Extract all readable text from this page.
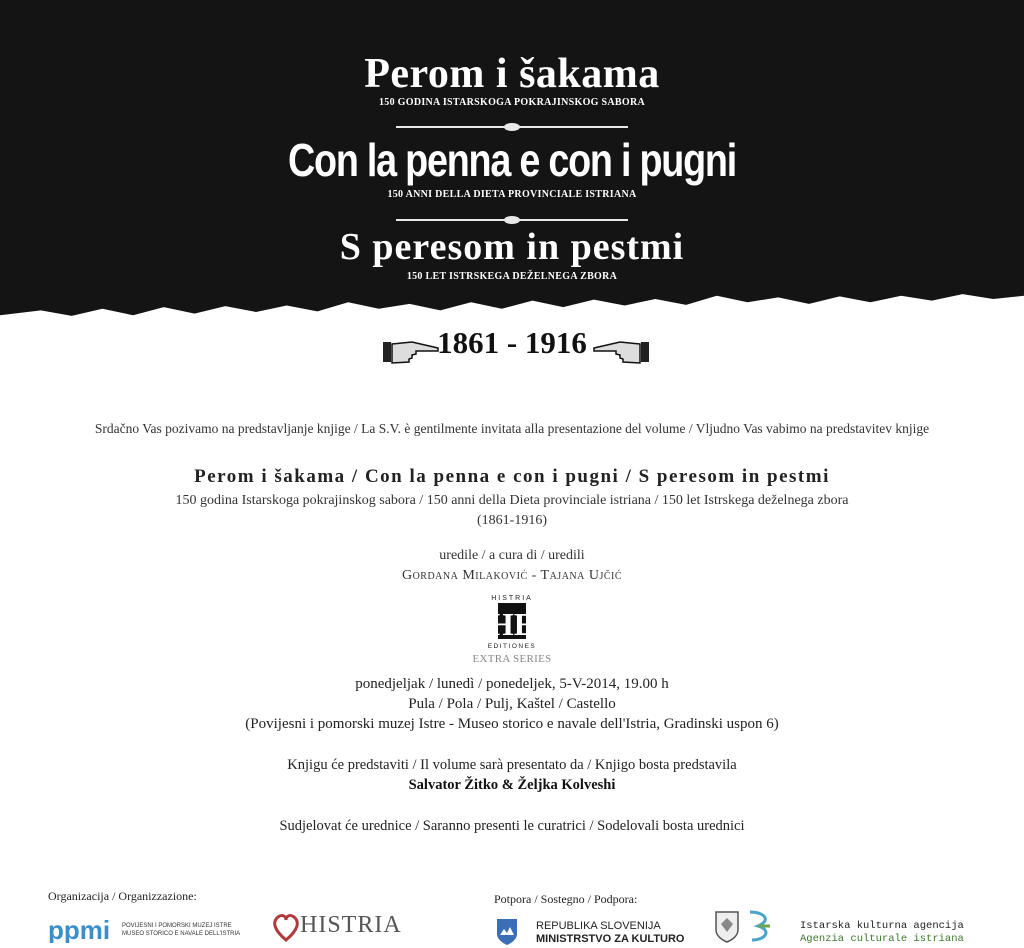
Perom i šakama
150 GODINA ISTARSKOGA POKRAJINSKOG SABORA
Con la penna e con i pugni
150 ANNI DELLA DIETA PROVINCIALE ISTRIANA
S peresom in pestmi
150 LET ISTRSKEGA DEŽELNEGA ZBORA
1861 - 1916
Srdačno Vas pozivamo na predstavljanje knjige / La S.V. è gentilmente invitata alla presentazione del volume / Vljudno Vas vabimo na predstavitev knjige
Perom i šakama / Con la penna e con i pugni / S peresom in pestmi
150 godina Istarskoga pokrajinskog sabora / 150 anni della Dieta provinciale istriana / 150 let Istrskega deželnega zbora
(1861-1916)
uredile / a cura di / uredili
Gordana Milaković - Tajana Ujčić
HISTRIA
HE
EDITIONES
EXTRA SERIES
ponedjeljak / lunedì / ponedeljek, 5-V-2014, 19.00 h
Pula / Pola / Pulj, Kaštel / Castello
(Povijesni i pomorski muzej Istre - Museo storico e navale dell'Istria, Gradinski uspon 6)
Knjigu će predstaviti / Il volume sarà presentato da / Knjigo bosta predstavila
Salvator Žitko & Željka Kolveshi
Sudjelovat će urednice / Saranno presenti le curatrici / Sodelovali bosta urednici
Organizacija / Organizzazione:	Potpora / Sostegno / Podpora:
ppmi POVIJESNI I POMORSKI MUZEJ ISTRE
MUSEO STORICO E NAVALE DELL'ISTRIA HISTRIA	REPUBLIKA SLOVENIJA
MINISTRSTVO ZA KULTURO
Istarska kulturna agencija
Agenzia culturale istriana
